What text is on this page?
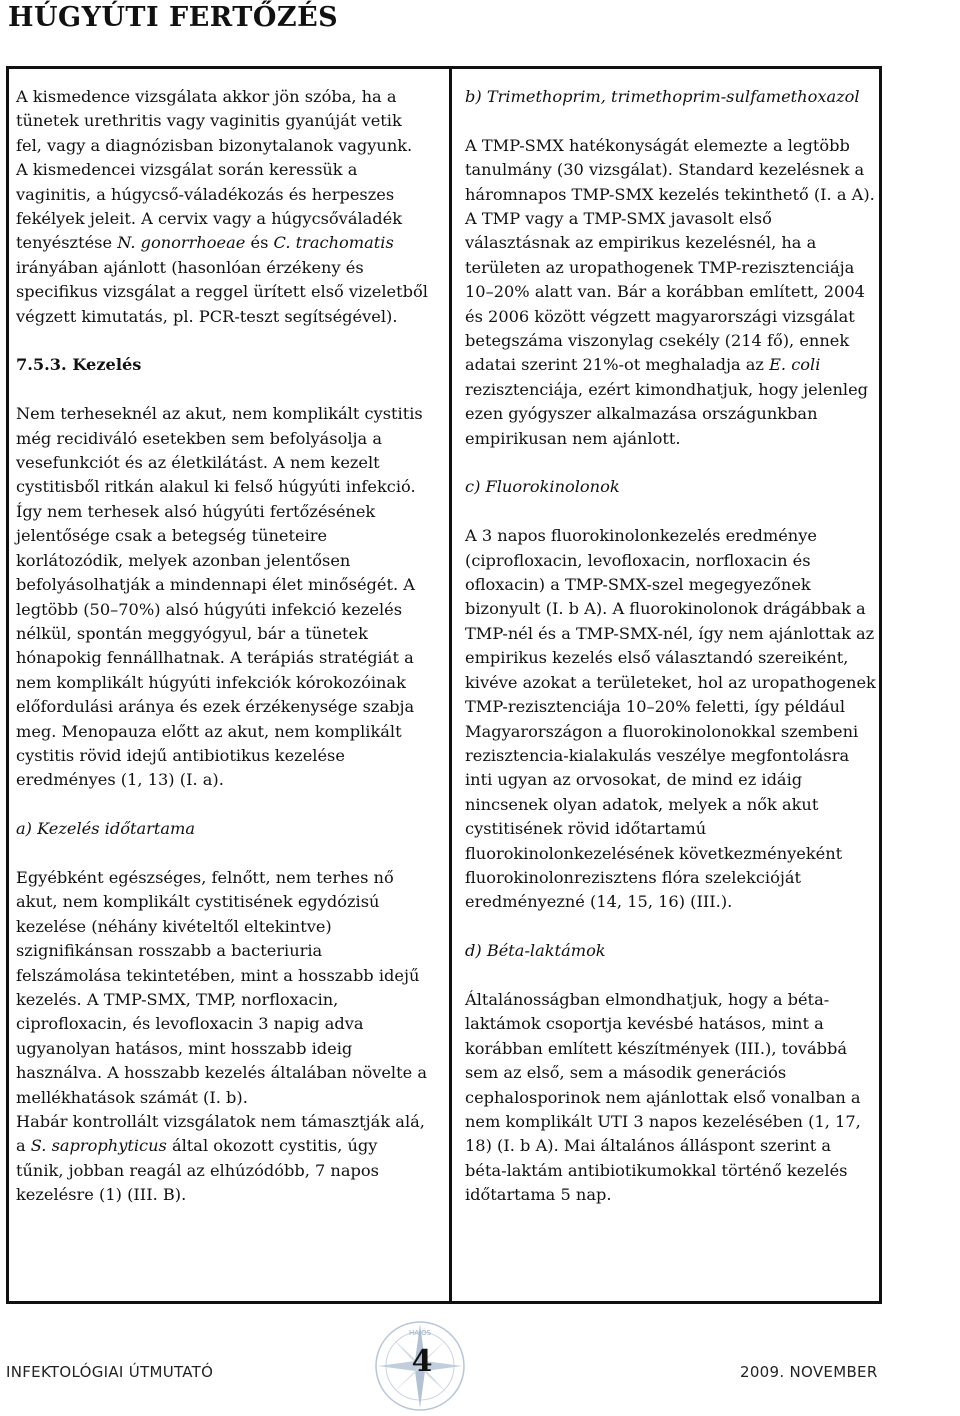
HÚGYÚTI FERTŐZÉS

A kismedence vizsgálata akkor jön szóba, ha a tünetek urethritis vagy vaginitis gyanúját vetik fel, vagy a diagnózisban bizonytalanok vagyunk. A kismedencei vizsgálat során keressük a vaginitis, a húgycső-váladékozás és herpeszes fekélyek jeleit. A cervix vagy a húgycsőváladék tenyésztése N. gonorrhoeae és C. trachomatis irányában ajánlott (hasonlóan érzékeny és specifikus vizsgálat a reggel ürített első vizeletből végzett kimutatás, pl. PCR-teszt segítségével).

7.5.3. Kezelés

Nem terheseknél az akut, nem komplikált cystitis még recidiváló esetekben sem befolyásolja a vesefunkciót és az életkilátást. A nem kezelt cystitisből ritkán alakul ki felső húgyúti infekció. Így nem terhesek alsó húgyúti fertőzésének jelentősége csak a betegség tüneteire korlátozódik, melyek azonban jelentősen befolyásolhatják a mindennapi élet minőségét. A legtöbb (50–70%) alsó húgyúti infekció kezelés nélkül, spontán meggyógyul, bár a tünetek hónapokig fennállhatnak. A terápiás stratégiát a nem komplikált húgyúti infekciók kórokozóinak előfordulási aránya és ezek érzékenysége szabja meg. Menopauza előtt az akut, nem komplikált cystitis rövid idejű antibiotikus kezelése eredményes (1, 13) (I. a).

a) Kezelés időtartama

Egyébként egészséges, felnőtt, nem terhes nő akut, nem komplikált cystitisének egydózisú kezelése (néhány kivételtől eltekintve) szignifikánsan rosszabb a bacteriuria felszámolása tekintetében, mint a hosszabb idejű kezelés. A TMP-SMX, TMP, norfloxacin, ciprofloxacin, és levofloxacin 3 napig adva ugyanolyan hatásos, mint hosszabb ideig használva. A hosszabb kezelés általában növelte a mellékhatások számát (I. b).

Habár kontrollált vizsgálatok nem támasztják alá, a S. saprophyticus által okozott cystitis, úgy tűnik, jobban reagál az elhúzódóbb, 7 napos kezelésre (1) (III. B).

b) Trimethoprim, trimethoprim-sulfamethoxazol

A TMP-SMX hatékonyságát elemezte a legtöbb tanulmány (30 vizsgálat). Standard kezelésnek a háromnapos TMP-SMX kezelés tekinthető (I. a A). A TMP vagy a TMP-SMX javasolt első választásnak az empirikus kezelésnél, ha a területen az uropathogenek TMP-rezisztenciája 10–20% alatt van. Bár a korábban említett, 2004 és 2006 között végzett magyarországi vizsgálat betegszáma viszonylag csekély (214 fő), ennek adatai szerint 21%-ot meghaladja az E. coli rezisztenciája, ezért kimondhatjuk, hogy jelenleg ezen gyógyszer alkalmazása országunkban empirikusan nem ajánlott.

c) Fluorokinolonok

A 3 napos fluorokinolonkezelés eredménye (ciprofloxacin, levofloxacin, norfloxacin és ofloxacin) a TMP-SMX-szel megegyezőnek bizonyult (I. b A). A fluorokinolonok drágábbak a TMP-nél és a TMP-SMX-nél, így nem ajánlottak az empirikus kezelés első választandó szereiként, kivéve azokat a területeket, hol az uropathogenek TMP-rezisztenciája 10–20% feletti, így például Magyarországon a fluorokinolonokkal szembeni rezisztencia-kialakulás veszélye megfontolásra inti ugyan az orvosokat, de mind ez idáig nincsenek olyan adatok, melyek a nők akut cystitisének rövid időtartamú fluorokinolonkezelésének következményeként fluorokinolonrezisztens flóra szelekcióját eredményezné (14, 15, 16) (III.).

d) Béta-laktámok

Általánosságban elmondhatjuk, hogy a béta-laktámok csoportja kevésbé hatásos, mint a korábban említett készítmények (III.), továbbá sem az első, sem a második generációs cephalosporinok nem ajánlottak első vonalban a nem komplikált UTI 3 napos kezelésében (1, 17, 18) (I. b A). Mai általános álláspont szerint a béta-laktám antibiotikumokkal történő kezelés időtartama 5 nap.

INFEKTOLÓGIAI ÚTMUTATÓ
HAJÓS
4	2009. NOVEMBER
